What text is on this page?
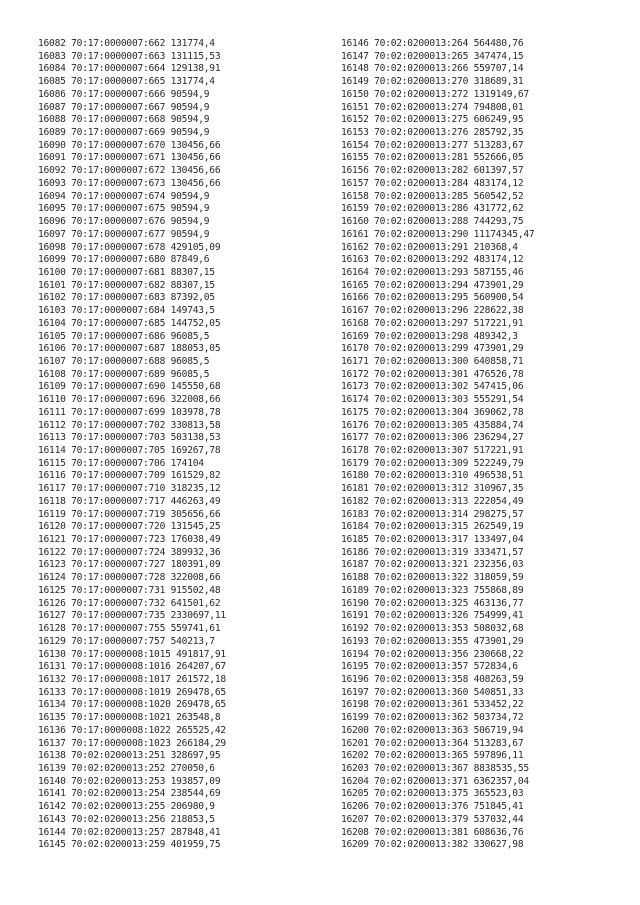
16082 70:17:0000007:662 131774,4
16083 70:17:0000007:663 131115,53
16084 70:17:0000007:664 129138,91
16085 70:17:0000007:665 131774,4
16086 70:17:0000007:666 90594,9
16087 70:17:0000007:667 90594,9
16088 70:17:0000007:668 90594,9
16089 70:17:0000007:669 90594,9
16090 70:17:0000007:670 130456,66
16091 70:17:0000007:671 130456,66
16092 70:17:0000007:672 130456,66
16093 70:17:0000007:673 130456,66
16094 70:17:0000007:674 90594,9
16095 70:17:0000007:675 90594,9
16096 70:17:0000007:676 90594,9
16097 70:17:0000007:677 90594,9
16098 70:17:0000007:678 429105,09
16099 70:17:0000007:680 87849,6
16100 70:17:0000007:681 88307,15
16101 70:17:0000007:682 88307,15
16102 70:17:0000007:683 87392,05
16103 70:17:0000007:684 149743,5
16104 70:17:0000007:685 144752,05
16105 70:17:0000007:686 96085,5
16106 70:17:0000007:687 188053,05
16107 70:17:0000007:688 96085,5
16108 70:17:0000007:689 96085,5
16109 70:17:0000007:690 145550,68
16110 70:17:0000007:696 322008,66
16111 70:17:0000007:699 103978,78
16112 70:17:0000007:702 330813,58
16113 70:17:0000007:703 503138,53
16114 70:17:0000007:705 169267,78
16115 70:17:0000007:706 174104
16116 70:17:0000007:709 161529,82
16117 70:17:0000007:710 318235,12
16118 70:17:0000007:717 446263,49
16119 70:17:0000007:719 305656,66
16120 70:17:0000007:720 131545,25
16121 70:17:0000007:723 176038,49
16122 70:17:0000007:724 389932,36
16123 70:17:0000007:727 180391,09
16124 70:17:0000007:728 322008,66
16125 70:17:0000007:731 915502,48
16126 70:17:0000007:732 641501,62
16127 70:17:0000007:735 2330697,11
16128 70:17:0000007:755 559741,61
16129 70:17:0000007:757 540213,7
16130 70:17:0000008:1015 491817,91
16131 70:17:0000008:1016 264207,67
16132 70:17:0000008:1017 261572,18
16133 70:17:0000008:1019 269478,65
16134 70:17:0000008:1020 269478,65
16135 70:17:0000008:1021 263548,8
16136 70:17:0000008:1022 265525,42
16137 70:17:0000008:1023 266184,29
16138 70:02:0200013:251 328697,95
16139 70:02:0200013:252 270050,6
16140 70:02:0200013:253 193857,09
16141 70:02:0200013:254 238544,69
16142 70:02:0200013:255 206980,9
16143 70:02:0200013:256 218853,5
16144 70:02:0200013:257 287848,41
16145 70:02:0200013:259 401959,75
16146 70:02:0200013:264 564480,76
16147 70:02:0200013:265 347474,15
16148 70:02:0200013:266 559707,14
16149 70:02:0200013:270 318689,31
16150 70:02:0200013:272 1319149,67
16151 70:02:0200013:274 794808,01
16152 70:02:0200013:275 606249,95
16153 70:02:0200013:276 285792,35
16154 70:02:0200013:277 513283,67
16155 70:02:0200013:281 552666,05
16156 70:02:0200013:282 601397,57
16157 70:02:0200013:284 483174,12
16158 70:02:0200013:285 560542,52
16159 70:02:0200013:286 431772,62
16160 70:02:0200013:288 744293,75
16161 70:02:0200013:290 11174345,47
16162 70:02:0200013:291 210368,4
16163 70:02:0200013:292 483174,12
16164 70:02:0200013:293 587155,46
16165 70:02:0200013:294 473901,29
16166 70:02:0200013:295 560900,54
16167 70:02:0200013:296 228622,38
16168 70:02:0200013:297 517221,91
16169 70:02:0200013:298 489342,3
16170 70:02:0200013:299 473901,29
16171 70:02:0200013:300 640858,71
16172 70:02:0200013:301 476526,78
16173 70:02:0200013:302 547415,06
16174 70:02:0200013:303 555291,54
16175 70:02:0200013:304 369062,78
16176 70:02:0200013:305 435884,74
16177 70:02:0200013:306 236294,27
16178 70:02:0200013:307 517221,91
16179 70:02:0200013:309 522249,79
16180 70:02:0200013:310 496538,51
16181 70:02:0200013:312 310967,35
16182 70:02:0200013:313 222054,49
16183 70:02:0200013:314 298275,57
16184 70:02:0200013:315 262549,19
16185 70:02:0200013:317 133497,04
16186 70:02:0200013:319 333471,57
16187 70:02:0200013:321 232356,03
16188 70:02:0200013:322 318059,59
16189 70:02:0200013:323 755868,89
16190 70:02:0200013:325 463136,77
16191 70:02:0200013:326 754999,41
16192 70:02:0200013:353 508032,68
16193 70:02:0200013:355 473901,29
16194 70:02:0200013:356 230668,22
16195 70:02:0200013:357 572834,6
16196 70:02:0200013:358 408263,59
16197 70:02:0200013:360 540851,33
16198 70:02:0200013:361 533452,22
16199 70:02:0200013:362 503734,72
16200 70:02:0200013:363 506719,94
16201 70:02:0200013:364 513283,67
16202 70:02:0200013:365 597896,11
16203 70:02:0200013:367 8838535,55
16204 70:02:0200013:371 6362357,04
16205 70:02:0200013:375 365523,03
16206 70:02:0200013:376 751845,41
16207 70:02:0200013:379 537032,44
16208 70:02:0200013:381 608636,76
16209 70:02:0200013:382 330627,98
